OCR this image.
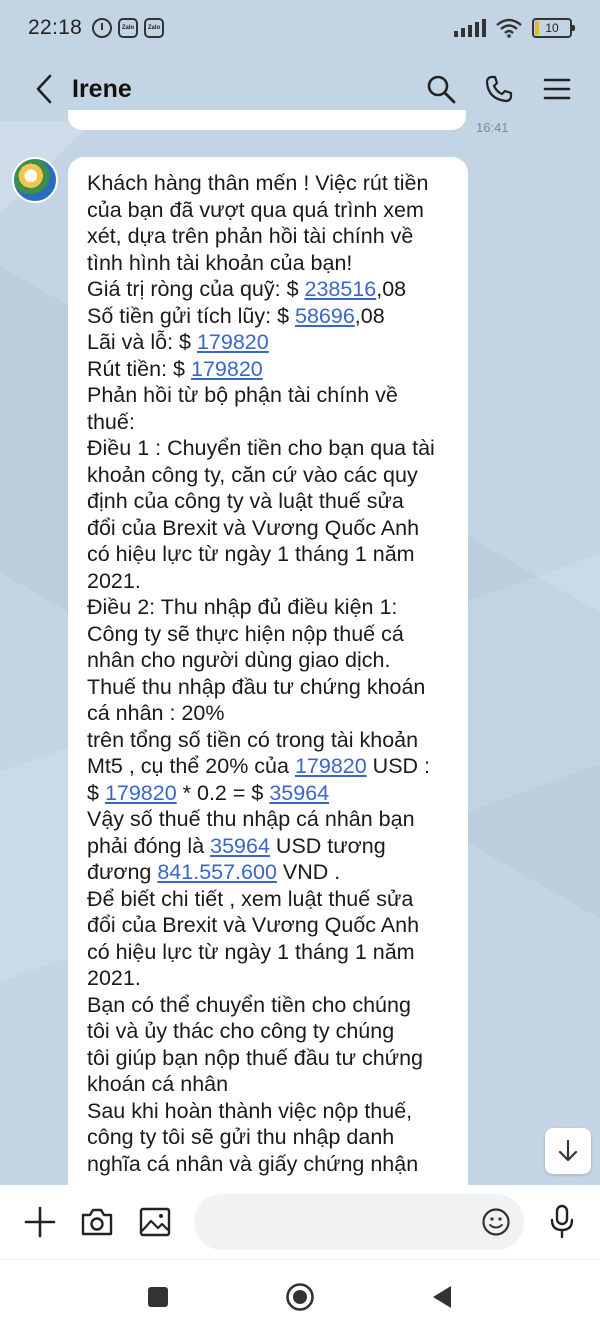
22:18	Zalo	Zalo	10
Irene
16:41
Khách hàng thân mến ! Việc rút tiền
của bạn đã vượt qua quá trình xem
xét, dựa trên phản hồi tài chính về
tình hình tài khoản của bạn!
Giá trị ròng của quỹ: $ 238516,08
Số tiền gửi tích lũy: $ 58696,08
Lãi và lỗ: $ 179820
Rút tiền: $ 179820
Phản hồi từ bộ phận tài chính về
thuế:
Điều 1 : Chuyển tiền cho bạn qua tài
khoản công ty, căn cứ vào các quy
định của công ty và luật thuế sửa
đổi của Brexit và Vương Quốc Anh
có hiệu lực từ ngày 1 tháng 1 năm
2021.
Điều 2: Thu nhập đủ điều kiện 1:
Công ty sẽ thực hiện nộp thuế cá
nhân cho người dùng giao dịch.
Thuế thu nhập đầu tư chứng khoán
cá nhân : 20%
trên tổng số tiền có trong tài khoản
Mt5 , cụ thể 20% của 179820 USD :
$ 179820 * 0.2 = $ 35964
Vậy số thuế thu nhập cá nhân bạn
phải đóng là 35964 USD tương
đương 841.557.600 VND .
Để biết chi tiết , xem luật thuế sửa
đổi của Brexit và Vương Quốc Anh
có hiệu lực từ ngày 1 tháng 1 năm
2021.
Bạn có thể chuyển tiền cho chúng
tôi và ủy thác cho công ty chúng
tôi giúp bạn nộp thuế đầu tư chứng
khoán cá nhân
Sau khi hoàn thành việc nộp thuế,
công ty tôi sẽ gửi thu nhập danh
nghĩa cá nhân và giấy chứng nhận
